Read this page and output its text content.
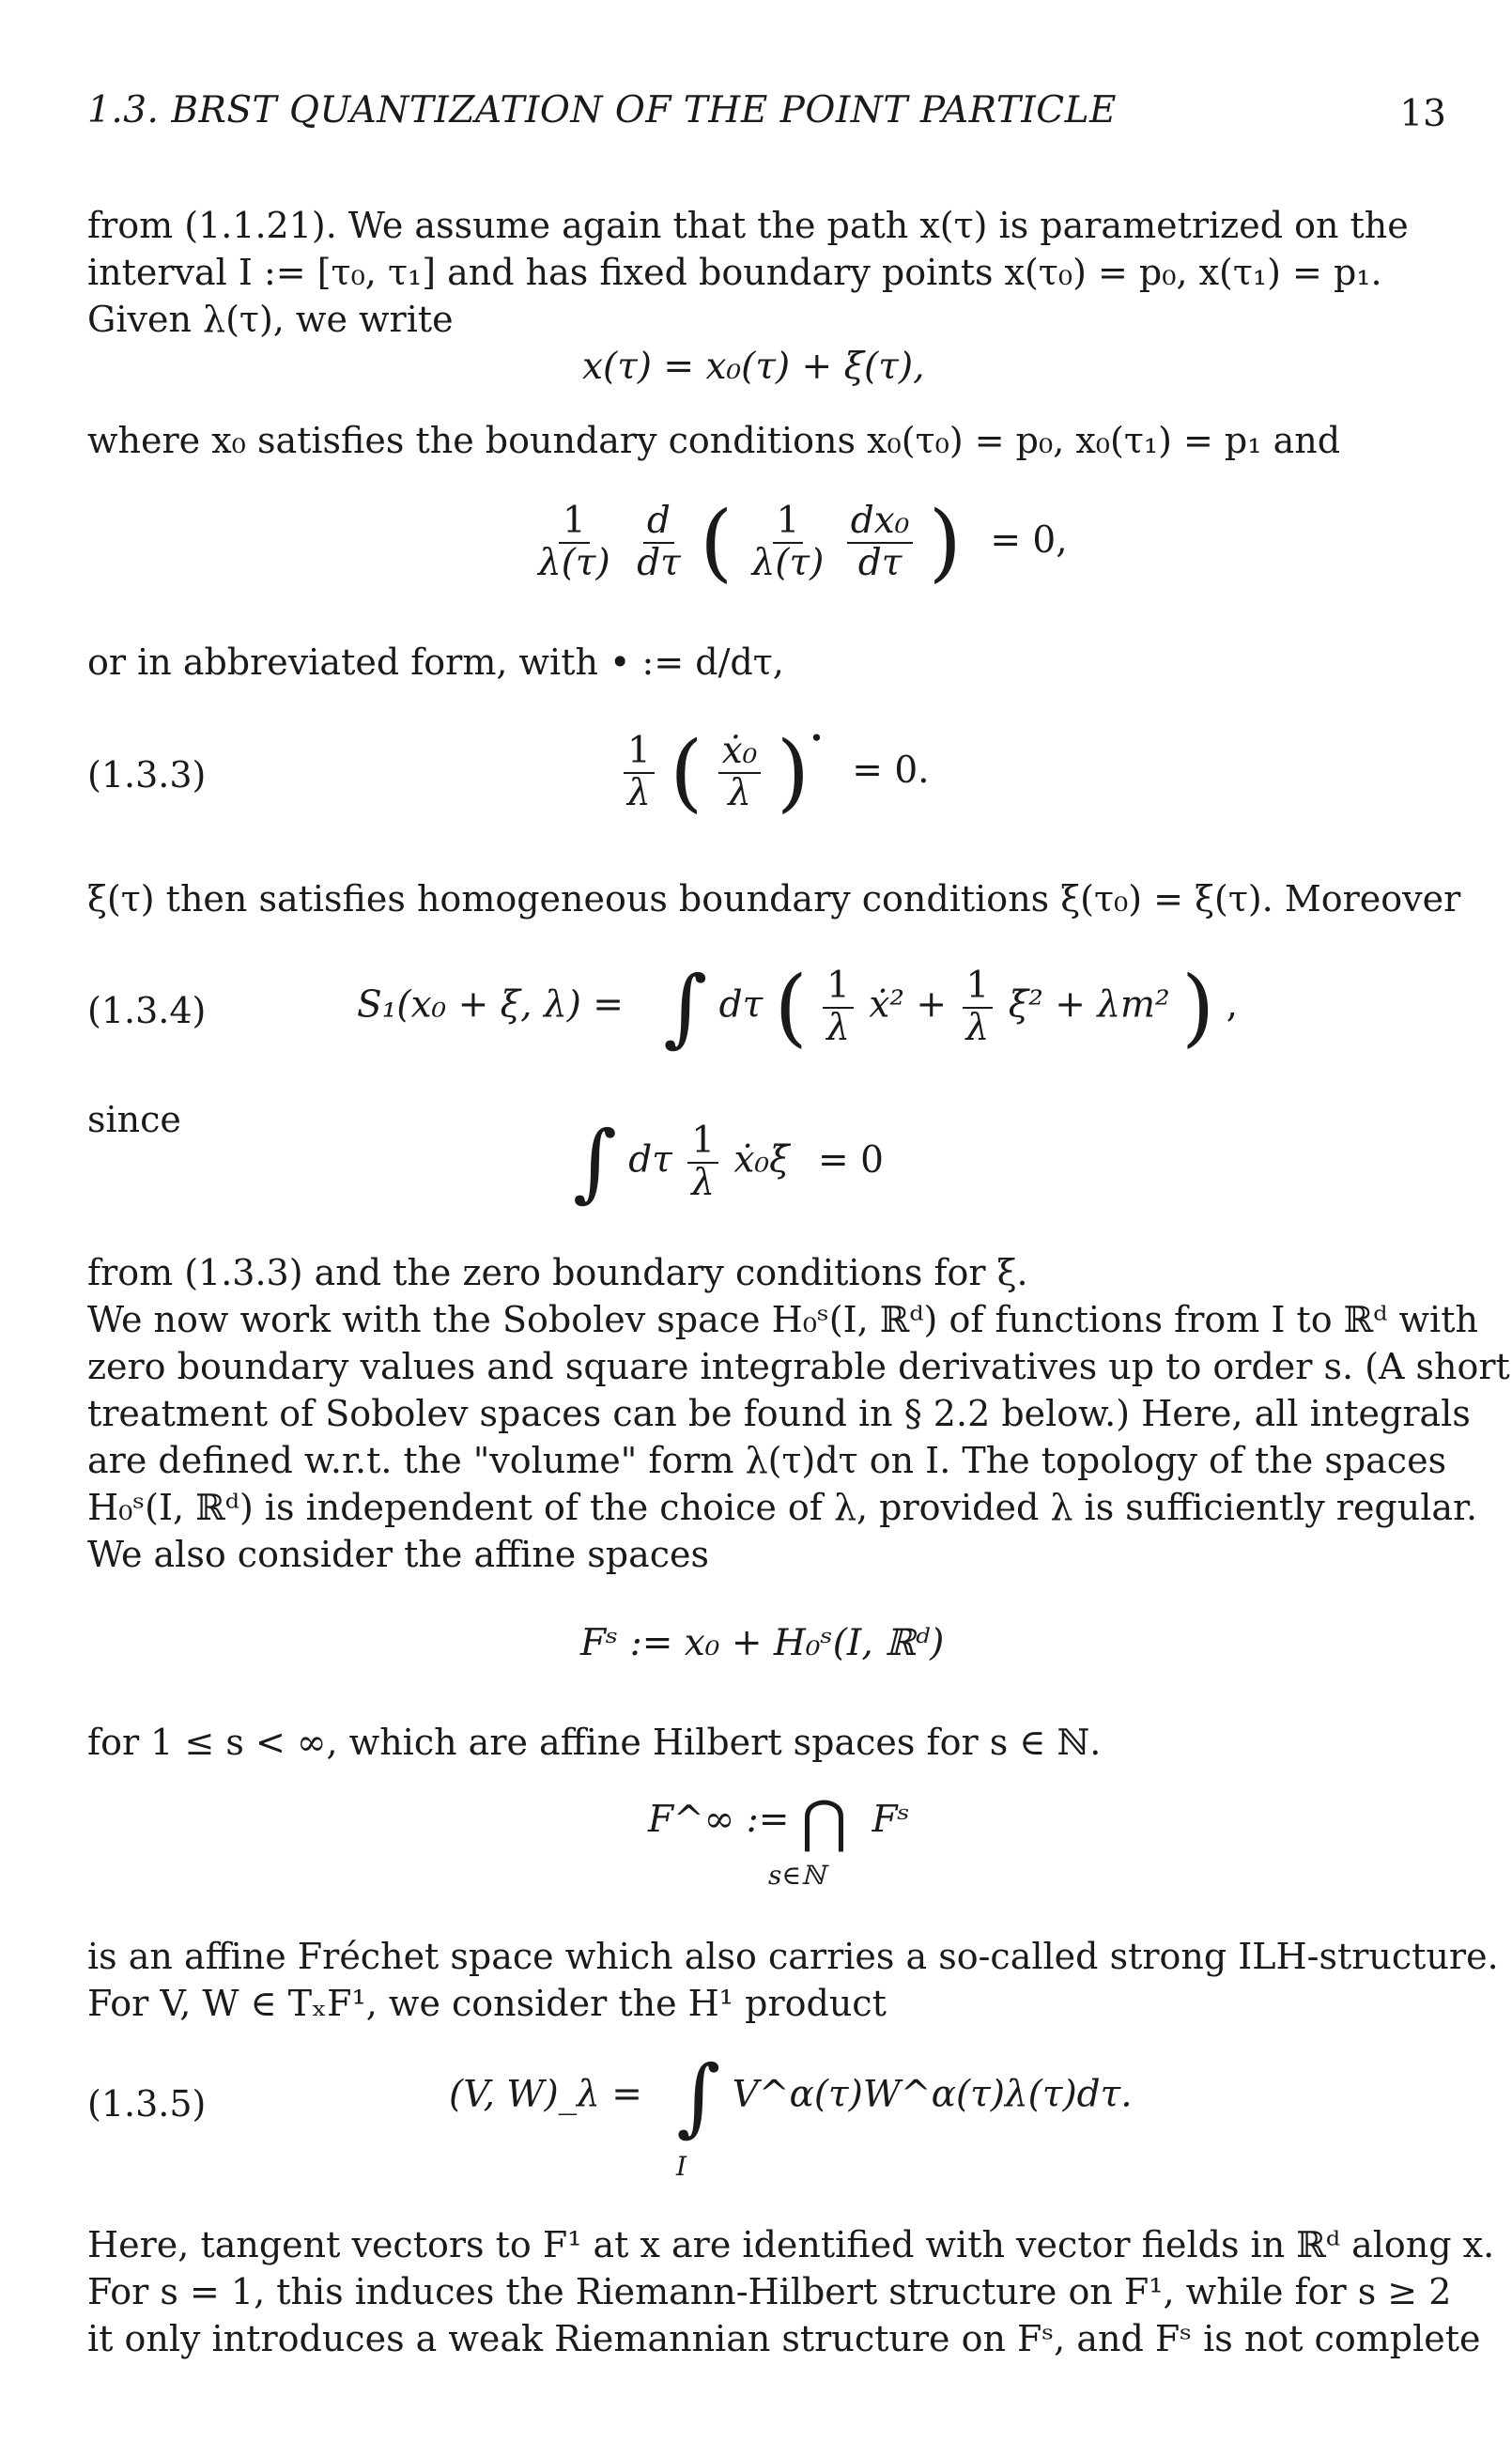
1.3. BRST QUANTIZATION OF THE POINT PARTICLE	13
from (1.1.21). We assume again that the path x(τ) is parametrized on the
interval I := [τ₀, τ₁] and has fixed boundary points x(τ₀) = p₀, x(τ₁) = p₁.
Given λ(τ), we write
x(τ) = x₀(τ) + ξ(τ),
where x₀ satisfies the boundary conditions x₀(τ₀) = p₀, x₀(τ₁) = p₁ and
$\frac{1}{\lambda(\tau)}$
$\frac{d}{d\tau}$ ( $\frac{1}{\lambda(\tau)}$
$\frac{\text{dx₀}}{d\tau}$ ) = 0,
or in abbreviated form, with • := d/dτ,
(1.3.3)	$\frac{1}{\lambda}$ ( $\frac{\text{ẋ₀}}{\lambda} )^• = 0$.
ξ(τ) then satisfies homogeneous boundary conditions ξ(τ₀) = ξ(τ). Moreover
(1.3.4)	S₁(x₀ + ξ, λ) = ∫ dτ ( $\frac{1}{\lambda}$ ẋ² + $\frac{1}{\lambda}$ ξ̇² + λm² ) ,
since	∫ dτ $\frac{1}{\lambda}$ ẋ₀ξ̇ = 0
from (1.3.3) and the zero boundary conditions for ξ.
We now work with the Sobolev space H₀ˢ(I, ℝᵈ) of functions from I to ℝᵈ with
zero boundary values and square integrable derivatives up to order s. (A short
treatment of Sobolev spaces can be found in § 2.2 below.) Here, all integrals
are defined w.r.t. the "volume" form λ(τ)dτ on I. The topology of the spaces
H₀ˢ(I, ℝᵈ) is independent of the choice of λ, provided λ is sufficiently regular.
We also consider the affine spaces
Fˢ := x₀ + H₀ˢ(I, ℝᵈ)
for 1 ≤ s < ∞, which are affine Hilbert spaces for s ∈ ℕ.
F^∞ := ⋂ Fˢ
s∈ℕ
is an affine Fréchet space which also carries a so-called strong ILH-structure.
For V, W ∈ TₓF¹, we consider the H¹ product
(1.3.5)	(V, W)_λ = ∫ V^α(τ)W^α(τ)λ(τ)dτ.
I
Here, tangent vectors to F¹ at x are identified with vector fields in ℝᵈ along x.
For s = 1, this induces the Riemann-Hilbert structure on F¹, while for s ≥ 2
it only introduces a weak Riemannian structure on Fˢ, and Fˢ is not complete
